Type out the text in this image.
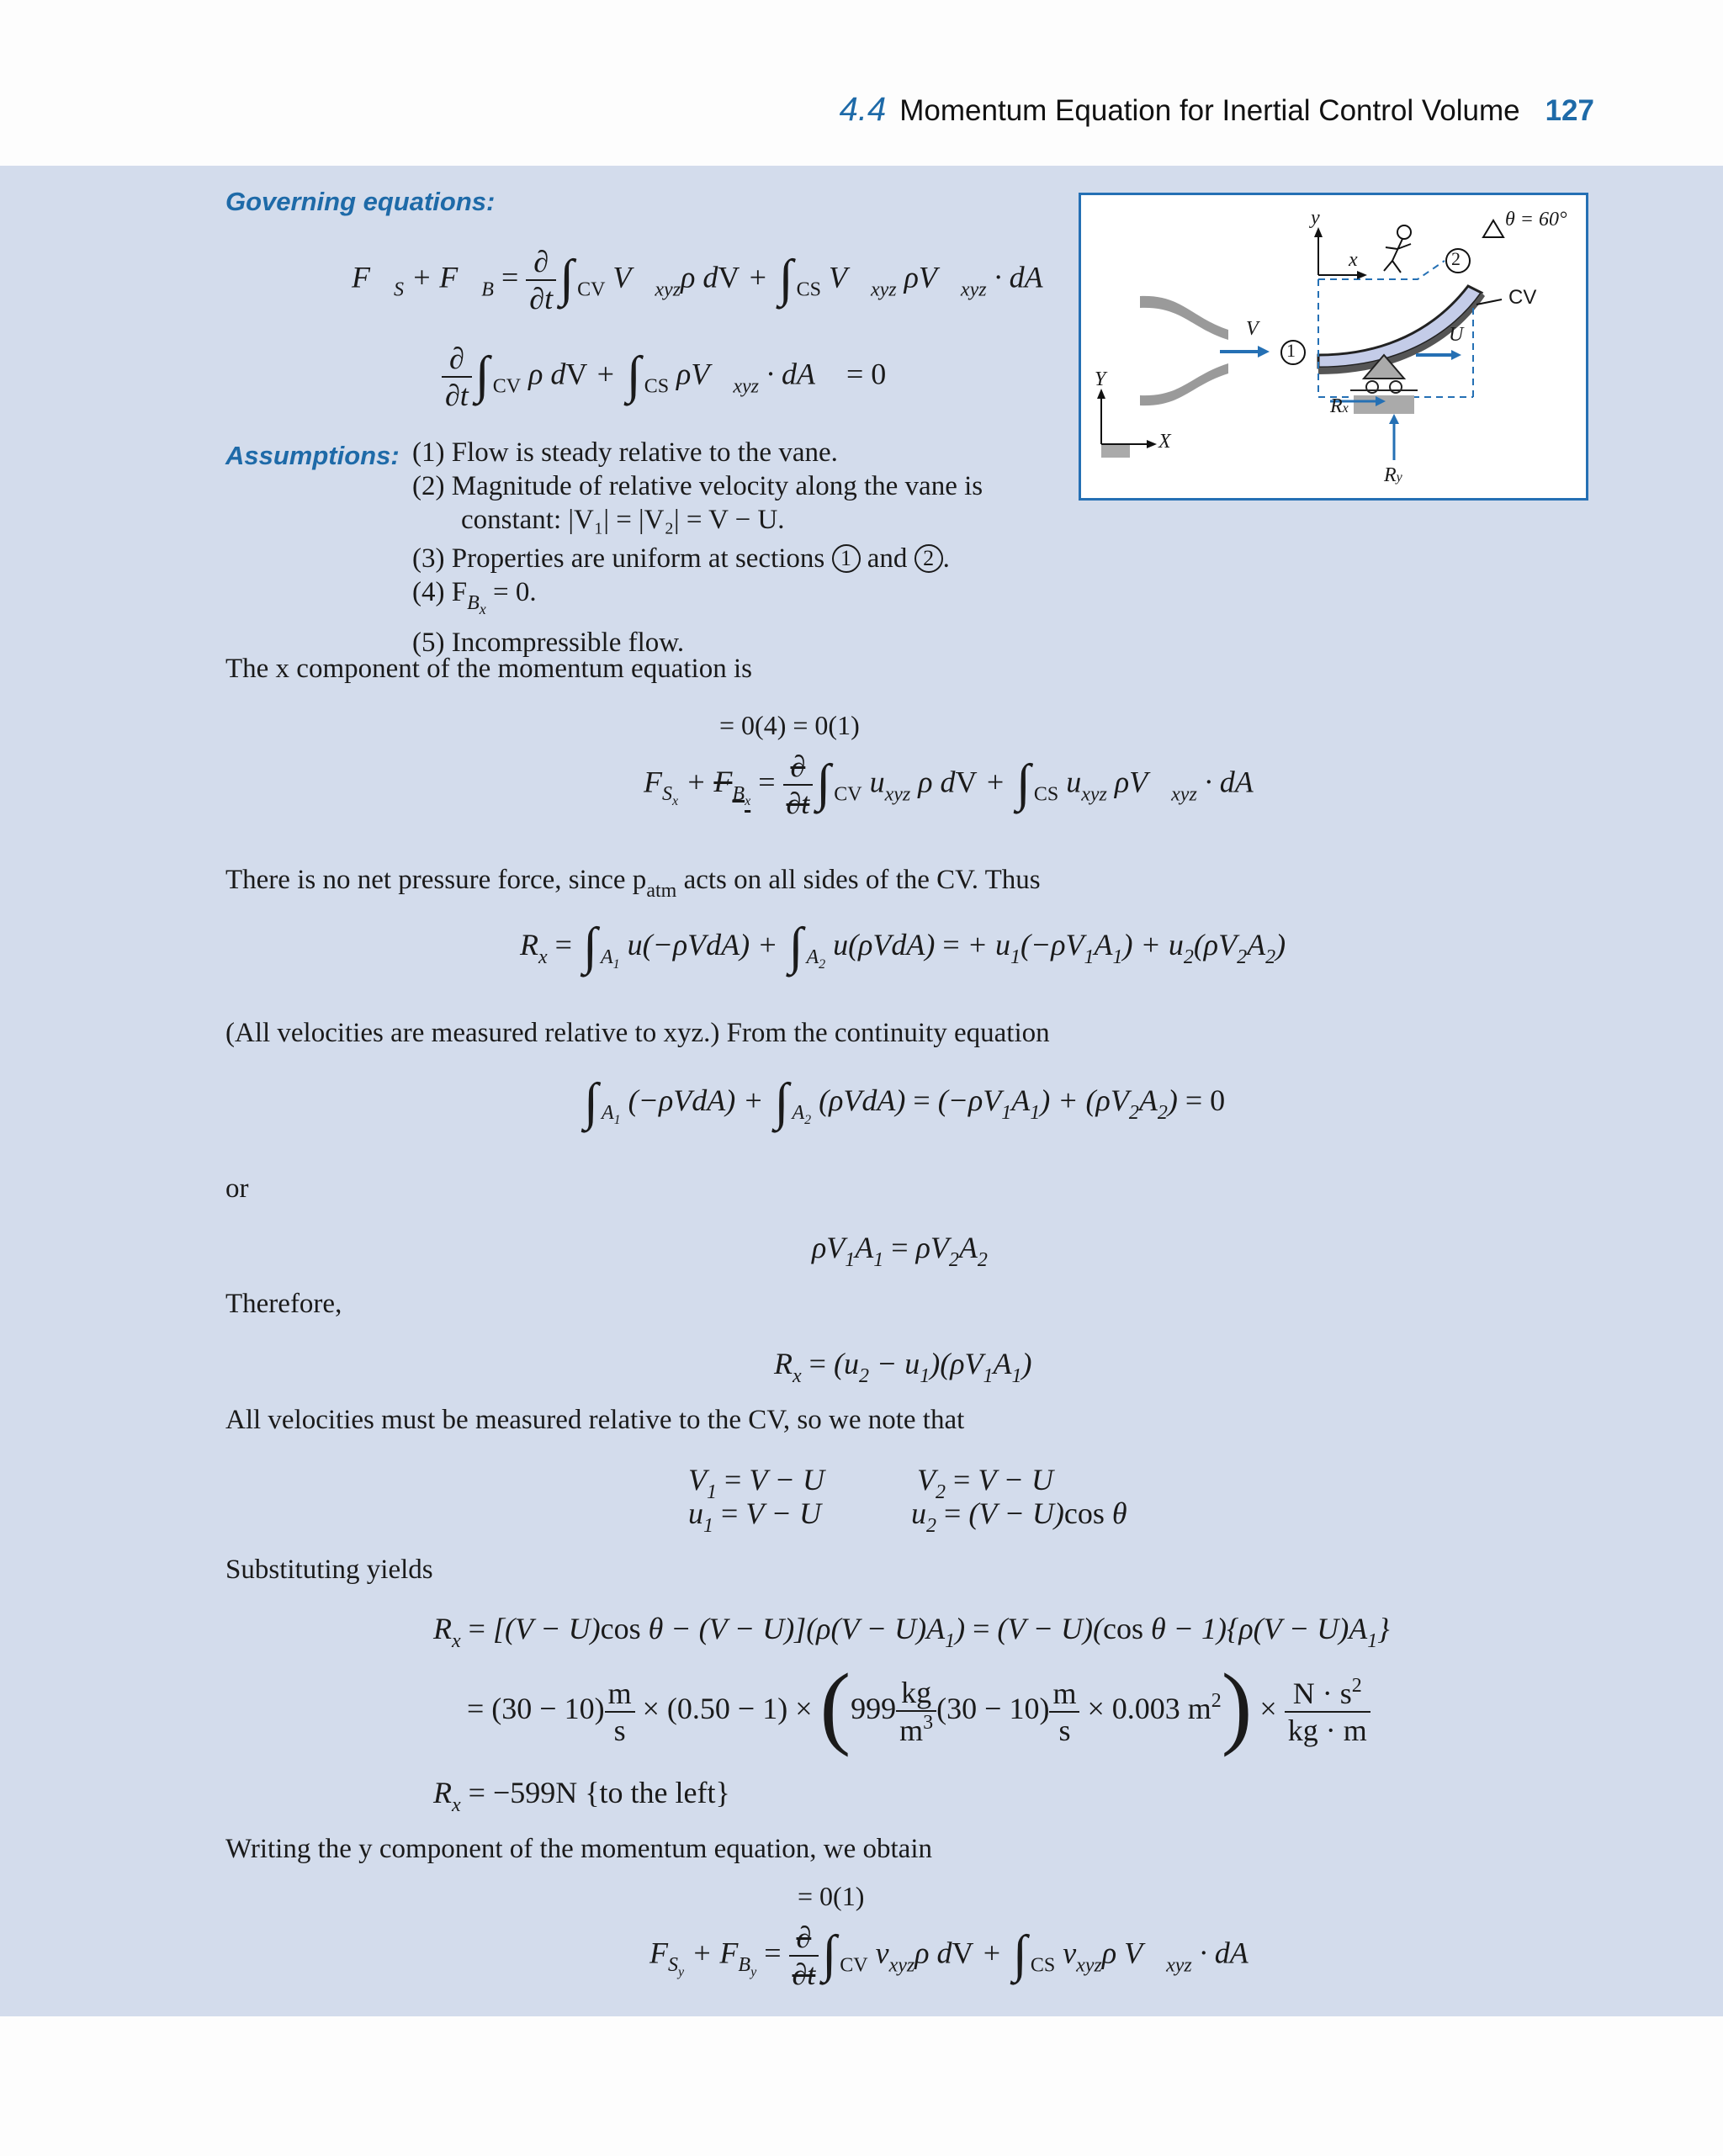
4.4 Momentum Equation for Inertial Control Volume 127
Governing equations:
$F⃗_S$ + $F⃗_B$ = ∂
∂t ∫ $_{CV}$ $V⃗_{xyz}\rho$ dV + ∫ $_{CS}$ $V⃗_{xyz}$ $\rho V⃗_{xyz}$ · dA⃗
∂
∂t ∫ $_{CV}$ ρ dV + ∫ $_{CS}$ $\rho V⃗_{xyz}$ · dA⃗ = 0
Assumptions: (1) Flow is steady relative to the vane.
(2) Magnitude of relative velocity along the vane is
constant: |V₁| = |V₂| = V − U.
(3) Properties are uniform at sections 1 and 2 .
(4) $F_{B_x} = 0$.
(5) Incompressible flow.
y
x
Y
X
V	U
Rx
Ry
CV
θ = 60°
1
2
The x component of the momentum equation is
= 0(4) = 0(1)
$F_{S_x} + F_{B_x}$ = ∂
∂t ∫ $_{CV}$ $u_{xyz}$ ρ dV + ∫ $_{CS}$ $u_{xyz}$ $\rho V⃗_{xyz}$ · dA⃗
There is no net pressure force, since $p_{atm}$ acts on all sides of the CV. Thus
$R_x$ = ∫ $_{A_1}$ u(−ρVdA) + ∫ $_{A_2}$ u(ρVdA) = + $u_1(-\rho V_1A_1) + u_2(\rho V_2A_2)$
(All velocities are measured relative to xyz.) From the continuity equation
∫ $_{A_1}$ (−ρVdA) + ∫ $_{A_2}$ $(\rho VdA) = (-\rho V_1A_1) + (\rho V_2A_2) = 0$
or
$\rho V_1A_1 = \rho V_2A_2$
Therefore,
$R_x = (u_2 - u_1)(\rho V_1A_1)$
All velocities must be measured relative to the CV, so we note that
$V_1 = V - U$	$V_2 = V - U$
$u_1 = V - U$	$u_2 = (V - U)\cos$ θ
Substituting yields
$R_x = [(V - U)\cos$ $\theta - (V - U)](\rho(V - U)A_1) = (V - U)(\cos$ $\theta - 1)\{\rho(V - U)A_1\}$
= $(30 - 10) \frac{m}{s} \times (0.50 - 1) \times (999 \frac{kg}{m^3} (30 - 10) \frac{m}{s} \times 0.003$ $m^2) \times \frac{N \cdot s^2}{kg \cdot m}$
$R_x = -599N$ {to the left}
Writing the y component of the momentum equation, we obtain
= 0(1)
$F_{S_y} + F_{B_y}$ = ∂
∂t ∫ $_{CV}$ $v_{xyz}\rho$ dV + ∫ $_{CS}$ $v_{xyz}\rho$ $V⃗_{xyz}$ · dA⃗
